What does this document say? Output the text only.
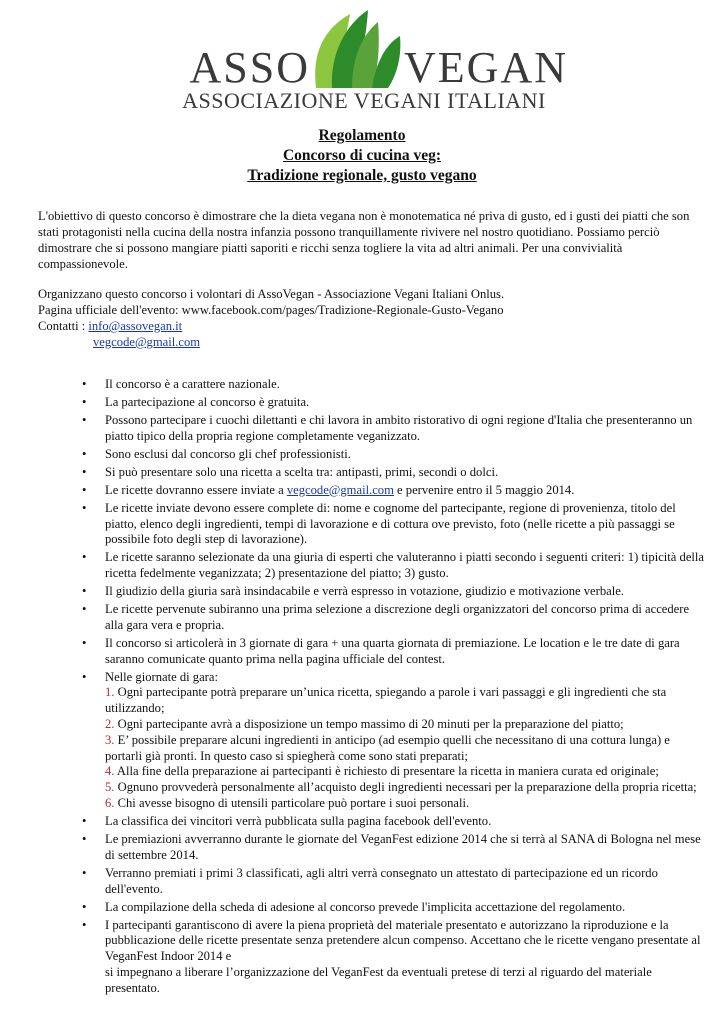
ASSO VEGAN
ASSOCIAZIONE VEGANI ITALIANI
Regolamento
Concorso di cucina veg:
Tradizione regionale, gusto vegano

L'obiettivo di questo concorso è dimostrare che la dieta vegana non è monotematica né priva di gusto, ed i gusti dei piatti che son stati protagonisti nella cucina della nostra infanzia possono tranquillamente rivivere nel nostro quotidiano. Possiamo perciò dimostrare che si possono mangiare piatti saporiti e ricchi senza togliere la vita ad altri animali. Per una convivialità compassionevole.

Organizzano questo concorso i volontari di AssoVegan - Associazione Vegani Italiani Onlus.
Pagina ufficiale dell'evento: www.facebook.com/pages/Tradizione-Regionale-Gusto-Vegano
Contatti : info@assovegan.it
vegcode@gmail.com
• Il concorso è a carattere nazionale.
• La partecipazione al concorso è gratuita.
• Possono partecipare i cuochi dilettanti e chi lavora in ambito ristorativo di ogni regione d'Italia che presenteranno un piatto tipico della propria regione completamente veganizzato.
• Sono esclusi dal concorso gli chef professionisti.
• Si può presentare solo una ricetta a scelta tra: antipasti, primi, secondi o dolci.
• Le ricette dovranno essere inviate a vegcode@gmail.com e pervenire entro il 5 maggio 2014.
• Le ricette inviate devono essere complete di: nome e cognome del partecipante, regione di provenienza, titolo del piatto, elenco degli ingredienti, tempi di lavorazione e di cottura ove previsto, foto (nelle ricette a più passaggi se possibile foto degli step di lavorazione).
• Le ricette saranno selezionate da una giuria di esperti che valuteranno i piatti secondo i seguenti criteri: 1) tipicità della ricetta fedelmente veganizzata; 2) presentazione del piatto; 3) gusto.
• Il giudizio della giuria sarà insindacabile e verrà espresso in votazione, giudizio e motivazione verbale.
• Le ricette pervenute subiranno una prima selezione a discrezione degli organizzatori del concorso prima di accedere alla gara vera e propria.
• Il concorso si articolerà in 3 giornate di gara + una quarta giornata di premiazione. Le location e le tre date di gara saranno comunicate quanto prima nella pagina ufficiale del contest.
• Nelle giornate di gara:
1. Ogni partecipante potrà preparare un’unica ricetta, spiegando a parole i vari passaggi e gli ingredienti che sta utilizzando;
2. Ogni partecipante avrà a disposizione un tempo massimo di 20 minuti per la preparazione del piatto;
3. E’ possibile preparare alcuni ingredienti in anticipo (ad esempio quelli che necessitano di una cottura lunga) e portarli già pronti. In questo caso si spiegherà come sono stati preparati;
4. Alla fine della preparazione ai partecipanti è richiesto di presentare la ricetta in maniera curata ed originale;
5. Ognuno provvederà personalmente all’acquisto degli ingredienti necessari per la preparazione della propria ricetta;
6. Chi avesse bisogno di utensili particolare può portare i suoi personali.
• La classifica dei vincitori verrà pubblicata sulla pagina facebook dell'evento.
• Le premiazioni avverranno durante le giornate del VeganFest edizione 2014 che si terrà al SANA di Bologna nel mese di settembre 2014.
• Verranno premiati i primi 3 classificati, agli altri verrà consegnato un attestato di partecipazione ed un ricordo dell'evento.
• La compilazione della scheda di adesione al concorso prevede l'implicita accettazione del regolamento.
• I partecipanti garantiscono di avere la piena proprietà del materiale presentato e autorizzano la riproduzione e la pubblicazione delle ricette presentate senza pretendere alcun compenso. Accettano che le ricette vengano presentate al VeganFest Indoor 2014 e
si impegnano a liberare l’organizzazione del VeganFest da eventuali pretese di terzi al riguardo del materiale presentato.
